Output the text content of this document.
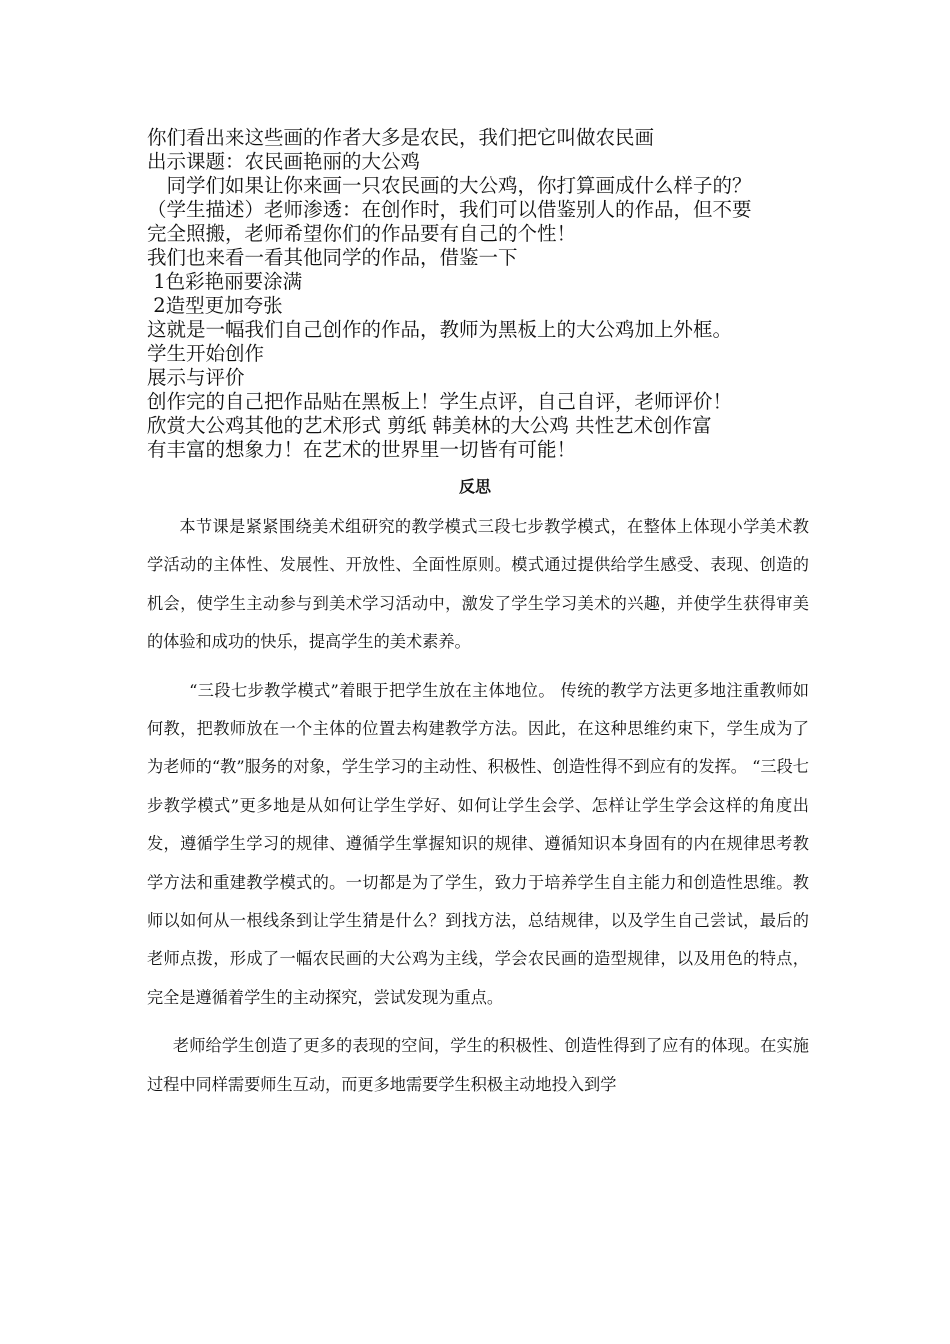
你们看出来这些画的作者大多是农民，我们把它叫做农民画

出示课题：农民画艳丽的大公鸡

　同学们如果让你来画一只农民画的大公鸡，你打算画成什么样子的？

（学生描述）老师渗透：在创作时，我们可以借鉴别人的作品，但不要

完全照搬，老师希望你们的作品要有自己的个性！

我们也来看一看其他同学的作品，借鉴一下

1色彩艳丽要涂满

2造型更加夸张

这就是一幅我们自己创作的作品，教师为黑板上的大公鸡加上外框。

学生开始创作

展示与评价

创作完的自己把作品贴在黑板上！学生点评，自己自评，老师评价！

欣赏大公鸡其他的艺术形式 剪纸 韩美林的大公鸡 共性艺术创作富

有丰富的想象力！在艺术的世界里一切皆有可能！

反思

本节课是紧紧围绕美术组研究的教学模式三段七步教学模式，在整体上体现小学美术教学活动的主体性、发展性、开放性、全面性原则。模式通过提供给学生感受、表现、创造的机会，使学生主动参与到美术学习活动中，激发了学生学习美术的兴趣，并使学生获得审美的体验和成功的快乐，提高学生的美术素养。

“三段七步教学模式”着眼于把学生放在主体地位。 传统的教学方法更多地注重教师如何教，把教师放在一个主体的位置去构建教学方法。因此，在这种思维约束下，学生成为了为老师的“教”服务的对象，学生学习的主动性、积极性、创造性得不到应有的发挥。 “三段七步教学模式”更多地是从如何让学生学好、如何让学生会学、怎样让学生学会这样的角度出发，遵循学生学习的规律、遵循学生掌握知识的规律、遵循知识本身固有的内在规律思考教学方法和重建教学模式的。一切都是为了学生，致力于培养学生自主能力和创造性思维。教师以如何从一根线条到让学生猜是什么？到找方法，总结规律，以及学生自己尝试，最后的老师点拨，形成了一幅农民画的大公鸡为主线，学会农民画的造型规律，以及用色的特点，完全是遵循着学生的主动探究，尝试发现为重点。

老师给学生创造了更多的表现的空间，学生的积极性、创造性得到了应有的体现。在实施过程中同样需要师生互动，而更多地需要学生积极主动地投入到学
